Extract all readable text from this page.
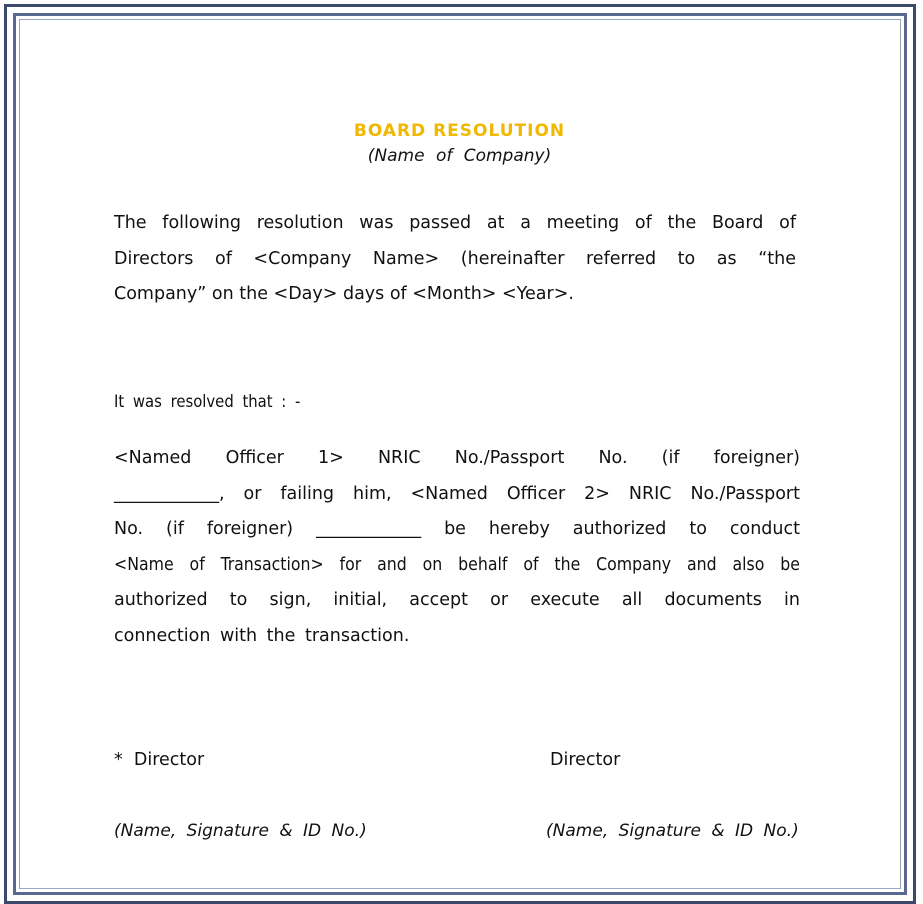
BOARD RESOLUTION
(Name of Company)
The following resolution was passed at a meeting of the Board of
Directors of <Company Name> (hereinafter referred to as “the
Company” on the <Day> days of <Month> <Year>.
It was resolved that : -
<Named Officer 1> NRIC No./Passport No. (if foreigner)
____________, or failing him, <Named Officer 2> NRIC No./Passport
No. (if foreigner) ____________ be hereby authorized to conduct
<Name of Transaction> for and on behalf of the Company and also be
authorized to sign, initial, accept or execute all documents in
connection with the transaction.
*  Director	Director
(Name, Signature & ID No.)	(Name, Signature & ID No.)
